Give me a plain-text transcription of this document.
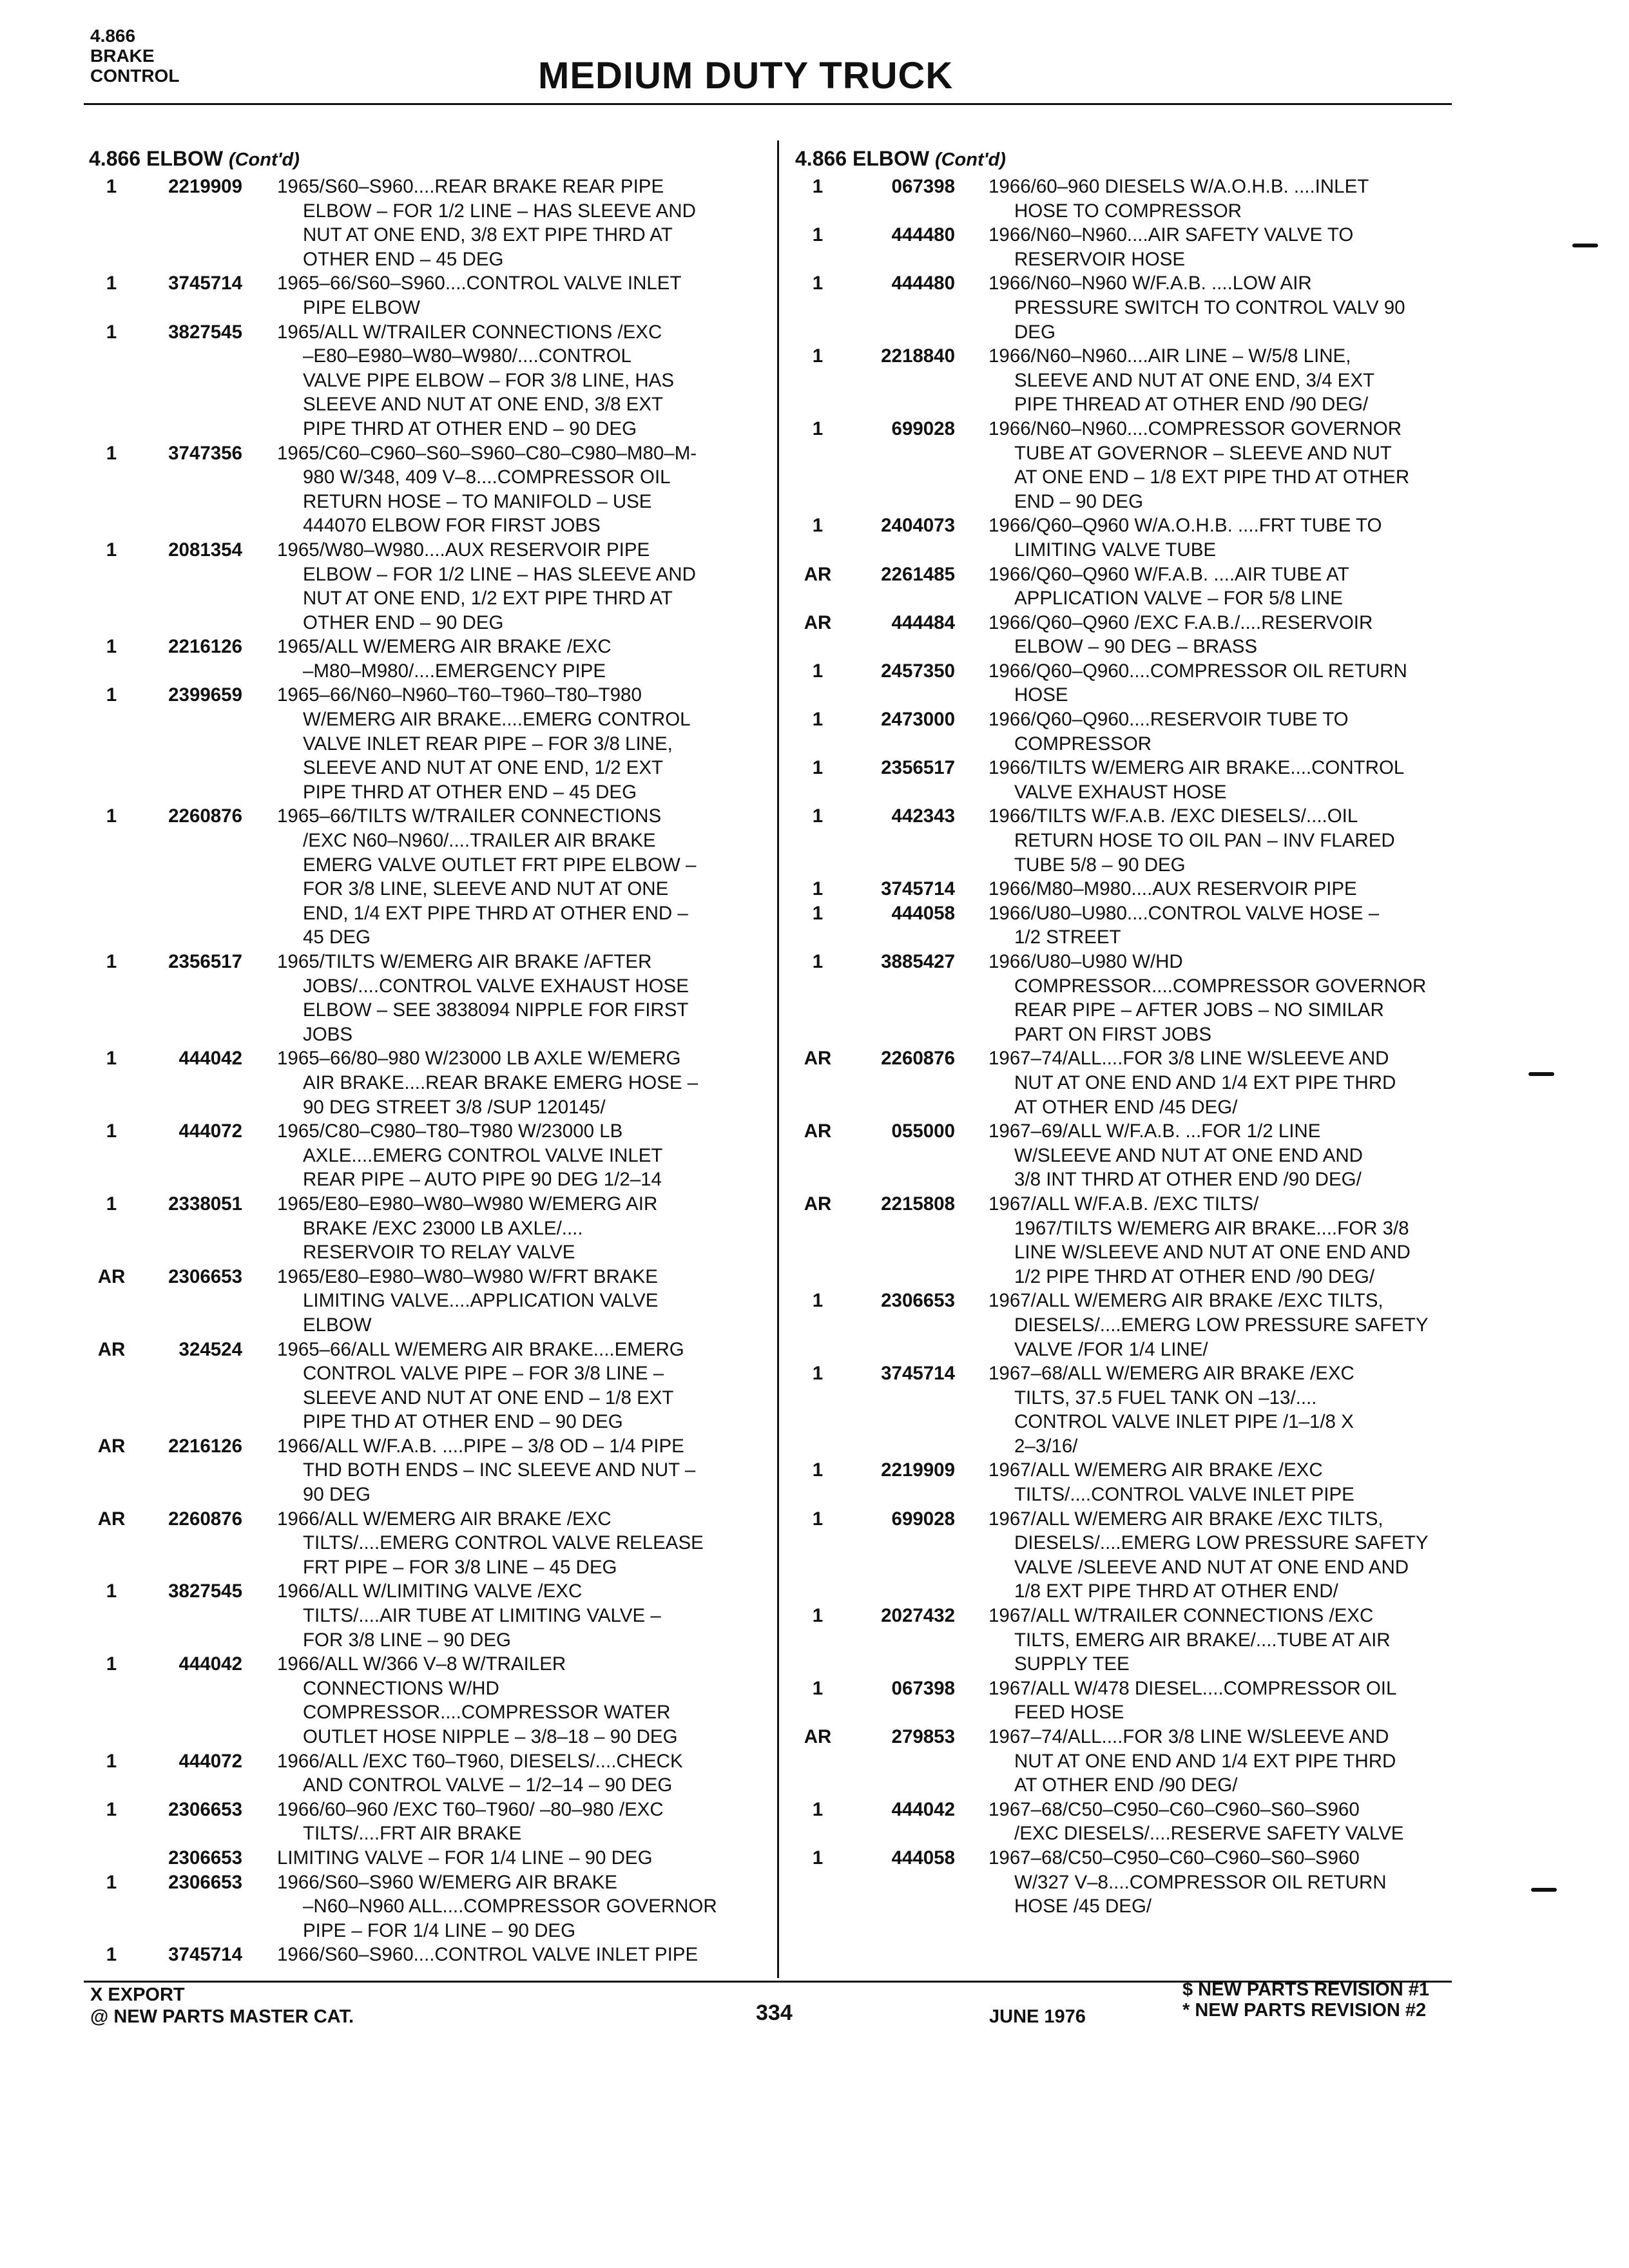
4.866
BRAKE
CONTROL	MEDIUM DUTY TRUCK
4.866 ELBOW (Cont'd)
1	2219909 1965/S60–S960....REAR BRAKE REAR PIPE
ELBOW – FOR 1/2 LINE – HAS SLEEVE AND
NUT AT ONE END, 3/8 EXT PIPE THRD AT
OTHER END – 45 DEG
1	3745714 1965–66/S60–S960....CONTROL VALVE INLET
PIPE ELBOW
1	3827545 1965/ALL W/TRAILER CONNECTIONS /EXC
–E80–E980–W80–W980/....CONTROL
VALVE PIPE ELBOW – FOR 3/8 LINE, HAS
SLEEVE AND NUT AT ONE END, 3/8 EXT
PIPE THRD AT OTHER END – 90 DEG
1	3747356 1965/C60–C960–S60–S960–C80–C980–M80–M-
980 W/348, 409 V–8....COMPRESSOR OIL
RETURN HOSE – TO MANIFOLD – USE
444070 ELBOW FOR FIRST JOBS
1	2081354 1965/W80–W980....AUX RESERVOIR PIPE
ELBOW – FOR 1/2 LINE – HAS SLEEVE AND
NUT AT ONE END, 1/2 EXT PIPE THRD AT
OTHER END – 90 DEG
1	2216126 1965/ALL W/EMERG AIR BRAKE /EXC
–M80–M980/....EMERGENCY PIPE
1	2399659 1965–66/N60–N960–T60–T960–T80–T980
W/EMERG AIR BRAKE....EMERG CONTROL
VALVE INLET REAR PIPE – FOR 3/8 LINE,
SLEEVE AND NUT AT ONE END, 1/2 EXT
PIPE THRD AT OTHER END – 45 DEG
1	2260876 1965–66/TILTS W/TRAILER CONNECTIONS
/EXC N60–N960/....TRAILER AIR BRAKE
EMERG VALVE OUTLET FRT PIPE ELBOW –
FOR 3/8 LINE, SLEEVE AND NUT AT ONE
END, 1/4 EXT PIPE THRD AT OTHER END –
45 DEG
1	2356517 1965/TILTS W/EMERG AIR BRAKE /AFTER
JOBS/....CONTROL VALVE EXHAUST HOSE
ELBOW – SEE 3838094 NIPPLE FOR FIRST
JOBS
1	444042 1965–66/80–980 W/23000 LB AXLE W/EMERG
AIR BRAKE....REAR BRAKE EMERG HOSE –
90 DEG STREET 3/8 /SUP 120145/
1	444072 1965/C80–C980–T80–T980 W/23000 LB
AXLE....EMERG CONTROL VALVE INLET
REAR PIPE – AUTO PIPE 90 DEG 1/2–14
1	2338051 1965/E80–E980–W80–W980 W/EMERG AIR
BRAKE /EXC 23000 LB AXLE/....
RESERVOIR TO RELAY VALVE
AR	2306653 1965/E80–E980–W80–W980 W/FRT BRAKE
LIMITING VALVE....APPLICATION VALVE
ELBOW
AR	324524 1965–66/ALL W/EMERG AIR BRAKE....EMERG
CONTROL VALVE PIPE – FOR 3/8 LINE –
SLEEVE AND NUT AT ONE END – 1/8 EXT
PIPE THD AT OTHER END – 90 DEG
AR	2216126 1966/ALL W/F.A.B. ....PIPE – 3/8 OD – 1/4 PIPE
THD BOTH ENDS – INC SLEEVE AND NUT –
90 DEG
AR	2260876 1966/ALL W/EMERG AIR BRAKE /EXC
TILTS/....EMERG CONTROL VALVE RELEASE
FRT PIPE – FOR 3/8 LINE – 45 DEG
1	3827545 1966/ALL W/LIMITING VALVE /EXC
TILTS/....AIR TUBE AT LIMITING VALVE –
FOR 3/8 LINE – 90 DEG
1	444042 1966/ALL W/366 V–8 W/TRAILER
CONNECTIONS W/HD
COMPRESSOR....COMPRESSOR WATER
OUTLET HOSE NIPPLE – 3/8–18 – 90 DEG
1	444072 1966/ALL /EXC T60–T960, DIESELS/....CHECK
AND CONTROL VALVE – 1/2–14 – 90 DEG
1	2306653 1966/60–960 /EXC T60–T960/ –80–980 /EXC
TILTS/....FRT AIR BRAKE
2306653 LIMITING VALVE – FOR 1/4 LINE – 90 DEG
1	2306653 1966/S60–S960 W/EMERG AIR BRAKE
–N60–N960 ALL....COMPRESSOR GOVERNOR
PIPE – FOR 1/4 LINE – 90 DEG
1	3745714 1966/S60–S960....CONTROL VALVE INLET PIPE
4.866 ELBOW (Cont'd)
1	067398 1966/60–960 DIESELS W/A.O.H.B. ....INLET
HOSE TO COMPRESSOR
1	444480 1966/N60–N960....AIR SAFETY VALVE TO
RESERVOIR HOSE
1	444480 1966/N60–N960 W/F.A.B. ....LOW AIR
PRESSURE SWITCH TO CONTROL VALV 90
DEG
1	2218840 1966/N60–N960....AIR LINE – W/5/8 LINE,
SLEEVE AND NUT AT ONE END, 3/4 EXT
PIPE THREAD AT OTHER END /90 DEG/
1	699028 1966/N60–N960....COMPRESSOR GOVERNOR
TUBE AT GOVERNOR – SLEEVE AND NUT
AT ONE END – 1/8 EXT PIPE THD AT OTHER
END – 90 DEG
1	2404073 1966/Q60–Q960 W/A.O.H.B. ....FRT TUBE TO
LIMITING VALVE TUBE
AR	2261485 1966/Q60–Q960 W/F.A.B. ....AIR TUBE AT
APPLICATION VALVE – FOR 5/8 LINE
AR	444484 1966/Q60–Q960 /EXC F.A.B./....RESERVOIR
ELBOW – 90 DEG – BRASS
1	2457350 1966/Q60–Q960....COMPRESSOR OIL RETURN
HOSE
1	2473000 1966/Q60–Q960....RESERVOIR TUBE TO
COMPRESSOR
1	2356517 1966/TILTS W/EMERG AIR BRAKE....CONTROL
VALVE EXHAUST HOSE
1	442343 1966/TILTS W/F.A.B. /EXC DIESELS/....OIL
RETURN HOSE TO OIL PAN – INV FLARED
TUBE 5/8 – 90 DEG
1	3745714 1966/M80–M980....AUX RESERVOIR PIPE
1	444058 1966/U80–U980....CONTROL VALVE HOSE –
1/2 STREET
1	3885427 1966/U80–U980 W/HD
COMPRESSOR....COMPRESSOR GOVERNOR
REAR PIPE – AFTER JOBS – NO SIMILAR
PART ON FIRST JOBS
AR	2260876 1967–74/ALL....FOR 3/8 LINE W/SLEEVE AND
NUT AT ONE END AND 1/4 EXT PIPE THRD
AT OTHER END /45 DEG/
AR	055000 1967–69/ALL W/F.A.B. ...FOR 1/2 LINE
W/SLEEVE AND NUT AT ONE END AND
3/8 INT THRD AT OTHER END /90 DEG/
AR	2215808 1967/ALL W/F.A.B. /EXC TILTS/
1967/TILTS W/EMERG AIR BRAKE....FOR 3/8
LINE W/SLEEVE AND NUT AT ONE END AND
1/2 PIPE THRD AT OTHER END /90 DEG/
1	2306653 1967/ALL W/EMERG AIR BRAKE /EXC TILTS,
DIESELS/....EMERG LOW PRESSURE SAFETY
VALVE /FOR 1/4 LINE/
1	3745714 1967–68/ALL W/EMERG AIR BRAKE /EXC
TILTS, 37.5 FUEL TANK ON –13/....
CONTROL VALVE INLET PIPE /1–1/8 X
2–3/16/
1	2219909 1967/ALL W/EMERG AIR BRAKE /EXC
TILTS/....CONTROL VALVE INLET PIPE
1	699028 1967/ALL W/EMERG AIR BRAKE /EXC TILTS,
DIESELS/....EMERG LOW PRESSURE SAFETY
VALVE /SLEEVE AND NUT AT ONE END AND
1/8 EXT PIPE THRD AT OTHER END/
1	2027432 1967/ALL W/TRAILER CONNECTIONS /EXC
TILTS, EMERG AIR BRAKE/....TUBE AT AIR
SUPPLY TEE
1	067398 1967/ALL W/478 DIESEL....COMPRESSOR OIL
FEED HOSE
AR	279853 1967–74/ALL....FOR 3/8 LINE W/SLEEVE AND
NUT AT ONE END AND 1/4 EXT PIPE THRD
AT OTHER END /90 DEG/
1	444042 1967–68/C50–C950–C60–C960–S60–S960
/EXC DIESELS/....RESERVE SAFETY VALVE
1	444058 1967–68/C50–C950–C60–C960–S60–S960
W/327 V–8....COMPRESSOR OIL RETURN
HOSE /45 DEG/
X EXPORT
@ NEW PARTS MASTER CAT.	334	JUNE 1976
$ NEW PARTS REVISION #1
* NEW PARTS REVISION #2
